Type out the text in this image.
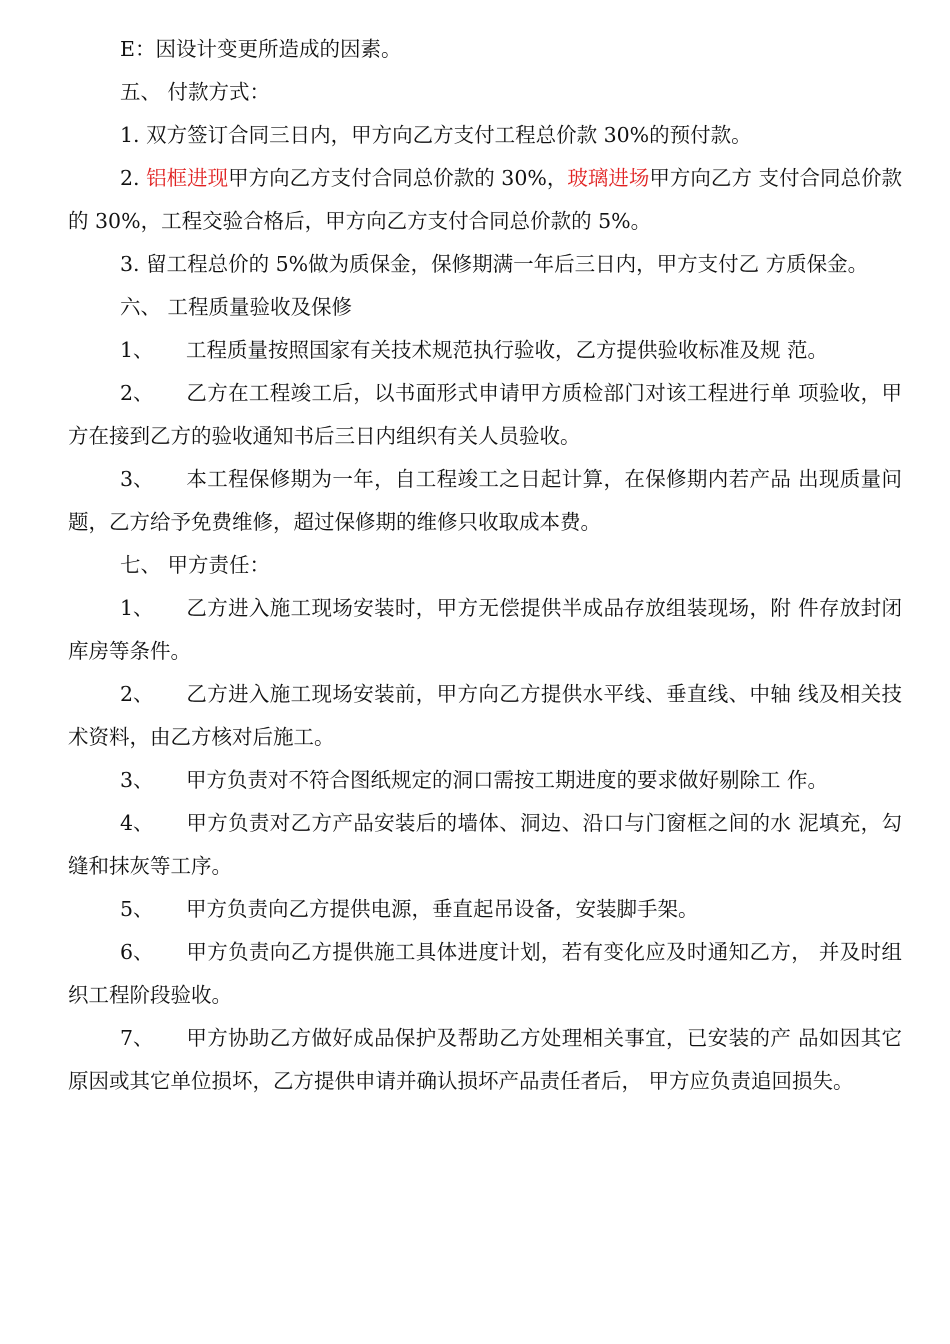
E：因设计变更所造成的因素。

五、 付款方式：

1. 双方签订合同三日内，甲方向乙方支付工程总价款 30%的预付款。

2. 铝框进现甲方向乙方支付合同总价款的 30%，玻璃进场甲方向乙方 支付合同总价款的 30%，工程交验合格后，甲方向乙方支付合同总价款的 5%。

3. 留工程总价的 5%做为质保金，保修期满一年后三日内，甲方支付乙 方质保金。

六、 工程质量验收及保修

1、 工程质量按照国家有关技术规范执行验收，乙方提供验收标准及规 范。

2、 乙方在工程竣工后，以书面形式申请甲方质检部门对该工程进行单 项验收，甲方在接到乙方的验收通知书后三日内组织有关人员验收。

3、 本工程保修期为一年，自工程竣工之日起计算，在保修期内若产品 出现质量问题，乙方给予免费维修，超过保修期的维修只收取成本费。

七、 甲方责任：

1、 乙方进入施工现场安装时，甲方无偿提供半成品存放组装现场，附 件存放封闭库房等条件。

2、 乙方进入施工现场安装前，甲方向乙方提供水平线、垂直线、中轴 线及相关技术资料，由乙方核对后施工。

3、 甲方负责对不符合图纸规定的洞口需按工期进度的要求做好剔除工 作。

4、 甲方负责对乙方产品安装后的墙体、洞边、沿口与门窗框之间的水 泥填充，勾缝和抹灰等工序。

5、 甲方负责向乙方提供电源，垂直起吊设备，安装脚手架。

6、 甲方负责向乙方提供施工具体进度计划，若有变化应及时通知乙方， 并及时组织工程阶段验收。

7、 甲方协助乙方做好成品保护及帮助乙方处理相关事宜，已安装的产 品如因其它原因或其它单位损坏，乙方提供申请并确认损坏产品责任者后， 甲方应负责追回损失。
